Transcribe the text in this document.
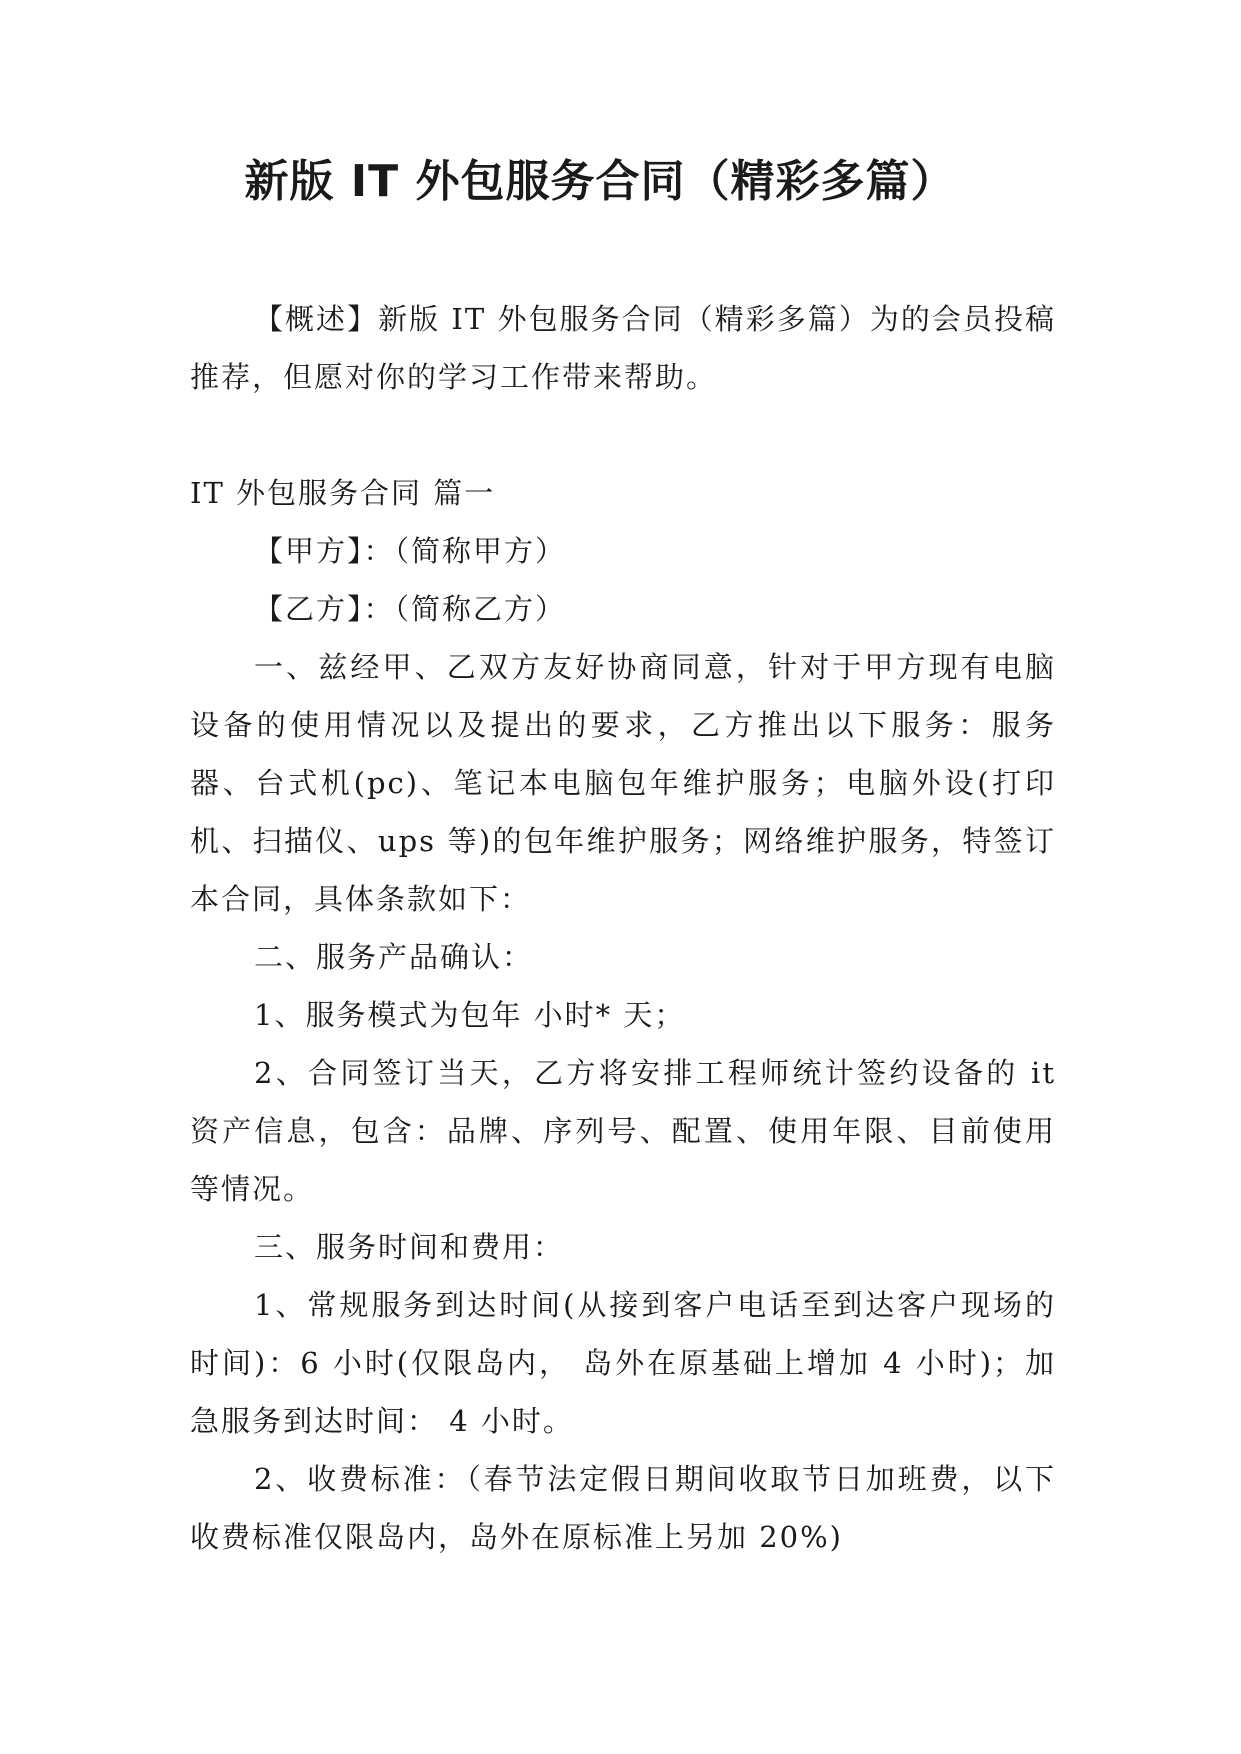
新版 IT 外包服务合同（精彩多篇）

【概述】新版 IT 外包服务合同（精彩多篇）为的会员投稿推荐，但愿对你的学习工作带来帮助。

IT 外包服务合同 篇一

【甲方】：（简称甲方）

【乙方】：（简称乙方）

一、兹经甲、乙双方友好协商同意，针对于甲方现有电脑设备的使用情况以及提出的要求，乙方推出以下服务：服务器、台式机(pc)、笔记本电脑包年维护服务；电脑外设(打印机、扫描仪、ups 等)的包年维护服务；网络维护服务，特签订本合同，具体条款如下：

二、服务产品确认：

1、服务模式为包年 小时* 天；

2、合同签订当天，乙方将安排工程师统计签约设备的 it 资产信息，包含：品牌、序列号、配置、使用年限、目前使用等情况。

三、服务时间和费用：

1、常规服务到达时间(从接到客户电话至到达客户现场的时间)：6 小时(仅限岛内， 岛外在原基础上增加 4 小时)；加急服务到达时间： 4 小时。

2、收费标准：（春节法定假日期间收取节日加班费，以下收费标准仅限岛内，岛外在原标准上另加 20%)
